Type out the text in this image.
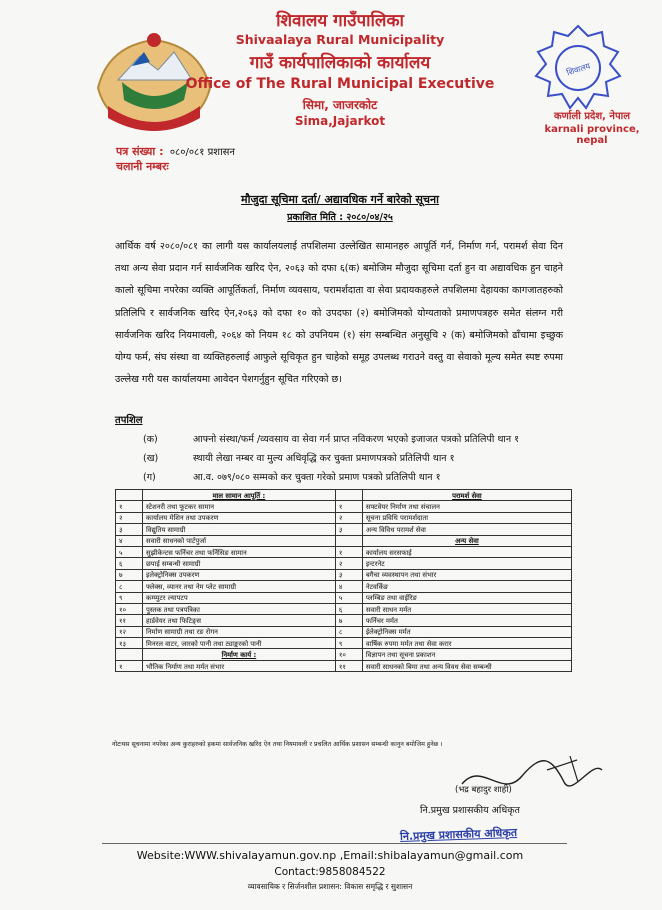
शिवालय
शिवालय गाउँपालिका
Shivaalaya Rural Municipality
गाउँ कार्यपालिकाको कार्यालय
Office of The Rural Municipal Executive
सिमा, जाजरकोट
Sima,Jajarkot	कर्णाली प्रदेश, नेपाल
karnali province, nepal
पत्र संख्या : ०८०/०८१ प्रशासन
चलानी नम्बरः
मौजुदा सूचिमा दर्ता/ अद्यावधिक गर्ने बारेको सूचना
प्रकाशित मिति : २०८०/०४/२५
आर्थिक वर्ष २०८०/०८१ का लागी यस कार्यालयलाई तपशिलमा उल्लेखित सामानहरु आपूर्ति गर्न, निर्माण गर्न, परामर्श सेवा दिन तथा अन्य सेवा प्रदान गर्न सार्वजनिक खरिद ऐन, २०६३ को दफा ६(क) बमोजिम मौजुदा सूचिमा दर्ता हुन वा अद्यावधिक हुन चाहने कालो सूचिमा नपरेका व्यक्ति आपूर्तिकर्ता, निर्माण व्यवसाय, परामर्शदाता वा सेवा प्रदायकहरुले तपशिलमा देहायका कागजातहरुको प्रतिलिपि र सार्वजनिक खरिद ऐन,२०६३ को दफा १० को उपदफा (२) बमोजिमको योग्यताको प्रमाणपत्रहरु समेत संलग्न गरी सार्वजनिक खरिद नियमावली, २०६४ को नियम १८ को उपनियम (१) संग सम्बन्धित अनुसूचि २ (क) बमोजिमको ढाँचामा इच्छुक योग्य फर्म, संघ संस्था वा व्यक्तिहरुलाई आफुले सूचिकृत हुन चाहेको समूह उपलब्ध गराउने वस्तु वा सेवाको मूल्य समेत स्पष्ट रुपमा उल्लेख गरी यस कार्यालयमा आवेदन पेशगर्नुहुन सूचित गरिएको छ।
तपशिल
(क)	आफ्नो संस्था/फर्म /व्यवसाय वा सेवा गर्न प्राप्त नविकरण भएको इजाजत पत्रको प्रतिलिपी थान १
(ख)	स्थायी लेखा नम्बर वा मुल्य अधिवृद्धि कर चुक्ता प्रमाणपत्रको प्रतिलिपी थान १
(ग)	आ.व. ०७९/०८० सम्मको कर चुक्ता गरेको प्रमाण पत्रको प्रतिलिपी थान १
	माल सामान आपूर्ति :		परामर्श सेवा
१	स्टेशनरी तथा फूटकर सामान	१	सफ्टवेयर निर्माण तथा संचालन
२	कार्यालय मेशिन तथा उपकरण	२	सूचना प्रविधि परामर्शदाता
३	विद्युतिय सामाग्री	३	अन्य विविध परामर्श सेवा
४	सवारी साधनको पार्टपुर्जा		अन्य सेवा
५	सुझीकेन्टस फर्निचर तथा फर्निसिङ सामान	१	कार्यालय सरसफाई
६	छपाई सम्बन्धी सामाग्री	२	इन्टरनेट
७	इलेक्ट्रोनिक्स उपकरण	३	बगैचा व्यवस्थापन तथा संभार
८	फ्लेक्स, व्यानर तथा नेम प्लेट सामाग्री	४	नेटवर्किङ
९	कम्प्युटर ल्यापटप	५	प्लम्बिङ तथा वाईरिङ
१०	पुस्तक तथा पत्रपत्रिका	६	सवारी साधन मर्मत
११	हार्डवेयर तथा फिटिङ्स	७	फर्निचर मर्मत
१२	निर्माण सामाग्री तथा रङ रोगन	८	ईलेक्ट्रोनिक्स मर्मत
१३	मिनरल वाटर, जारको पानी तथा ट्याङ्करको पानी	९	वार्षिक रुपमा मर्मत तथा सेवा करार
	निर्माण कार्य :	१०	विज्ञापन तथा सूचना प्रकाशन
१	भौतिक निर्माण तथा मर्मत संभार	११	सवारी साधनको बिमा तथा अन्य विवध सेवा सम्बन्धी
नोटःयस सूचनामा नपरेका अन्य कुराहरुको हकमा सार्वजनिक खरिद ऐन तथा नियमावली र प्रचलित आर्थिक प्रशासन सम्बन्धी कानुन बमोजिम हुनेछ ।
(भद्र बहादुर शाही)
नि.प्रमुख प्रशासकीय अधिकृत
नि.प्रमुख प्रशासकीय अधिकृत
Website:WWW.shivalayamun.gov.np ,Email:shibalayamun@gmail.com
Contact:9858084522
व्यावसायिक र सिर्जनशील प्रशासन: विकास समृद्धि र सुशासन
